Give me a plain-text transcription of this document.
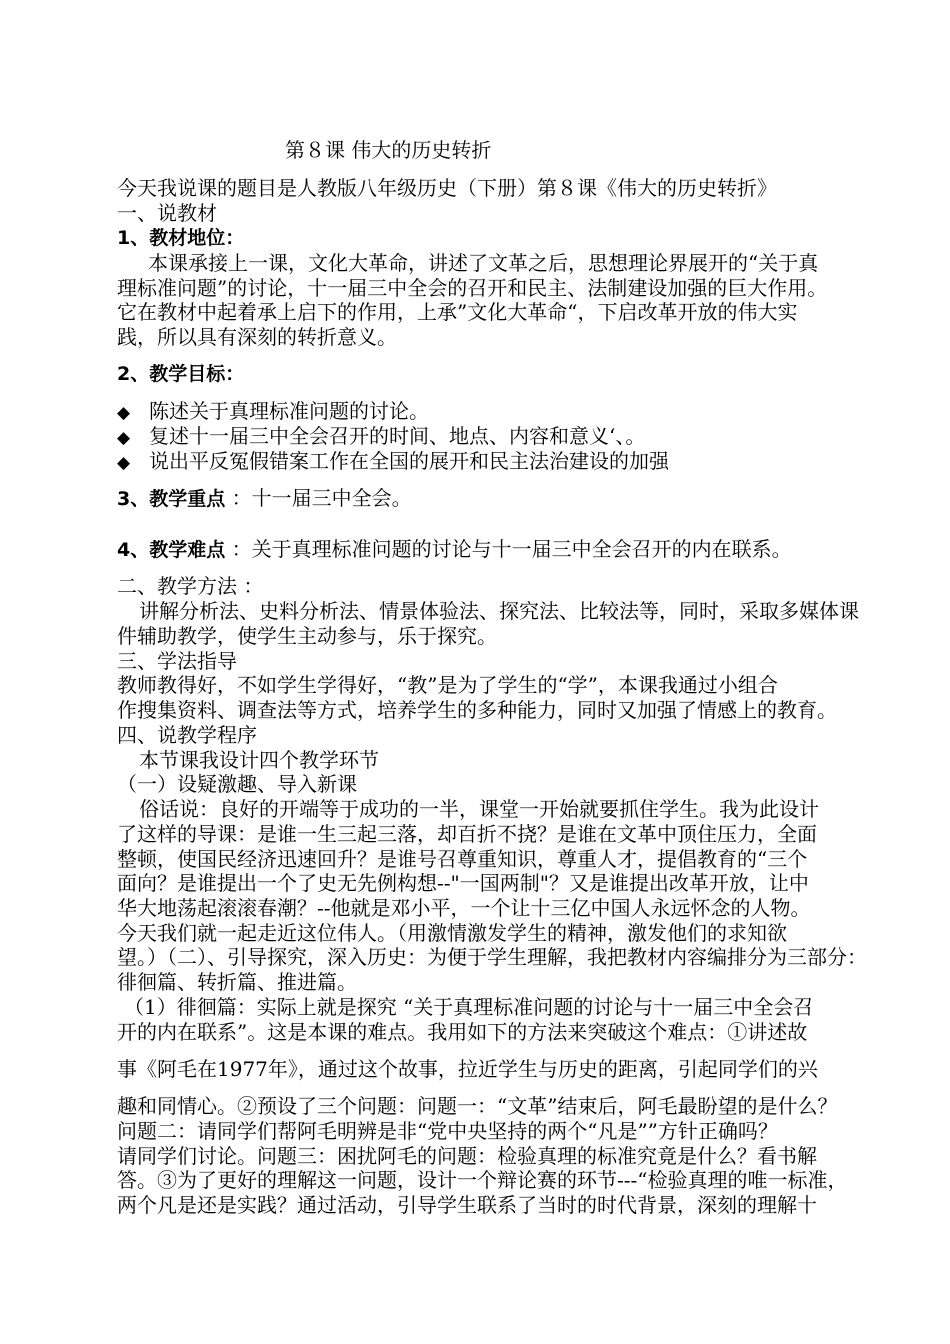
第８课 伟大的历史转折
今天我说课的题目是人教版八年级历史（下册）第８课《伟大的历史转折》
一、说教材
1、教材地位：
本课承接上一课，文化大革命，讲述了文革之后，思想理论界展开的“关于真
理标准问题”的讨论，十一届三中全会的召开和民主、法制建设加强的巨大作用。
它在教材中起着承上启下的作用，上承”文化大革命“，下启改革开放的伟大实
践，所以具有深刻的转折意义。
2、教学目标：
◆ 陈述关于真理标准问题的讨论。
◆ 复述十一届三中全会召开的时间、地点、内容和意义‘、。
◆ 说出平反冤假错案工作在全国的展开和民主法治建设的加强
3、教学重点 ：十一届三中全会。
4、教学难点 ：关于真理标准问题的讨论与十一届三中全会召开的内在联系。
二、教学方法 ：
讲解分析法、史料分析法、情景体验法、探究法、比较法等，同时，采取多媒体课
件辅助教学，使学生主动参与，乐于探究。
三、学法指导
教师教得好，不如学生学得好，“教”是为了学生的“学”，本课我通过小组合
作搜集资料、调查法等方式，培养学生的多种能力，同时又加强了情感上的教育。
四、说教学程序
本节课我设计四个教学环节
（一）设疑激趣、导入新课
俗话说：良好的开端等于成功的一半，课堂一开始就要抓住学生。我为此设计
了这样的导课：是谁一生三起三落，却百折不挠？是谁在文革中顶住压力，全面
整顿，使国民经济迅速回升？是谁号召尊重知识，尊重人才，提倡教育的“三个
面向？是谁提出一个了史无先例构想--"一国两制"？又是谁提出改革开放，让中
华大地荡起滚滚春潮？--他就是邓小平，一个让十三亿中国人永远怀念的人物。
今天我们就一起走近这位伟人。（用激情激发学生的精神，激发他们的求知欲
望。）（二）、引导探究，深入历史：为便于学生理解，我把教材内容编排分为三部分：
徘徊篇、转折篇、推进篇。
（1）徘徊篇：实际上就是探究 “关于真理标准问题的讨论与十一届三中全会召
开的内在联系”。这是本课的难点。我用如下的方法来突破这个难点：①讲述故
事《阿毛在1977年》，通过这个故事，拉近学生与历史的距离，引起同学们的兴
趣和同情心。②预设了三个问题：问题一：“文革”结束后，阿毛最盼望的是什么？
问题二：请同学们帮阿毛明辨是非“党中央坚持的两个“凡是””方针正确吗？
请同学们讨论。问题三：困扰阿毛的问题：检验真理的标准究竟是什么？看书解
答。③为了更好的理解这一问题，设计一个辩论赛的环节---“检验真理的唯一标准，
两个凡是还是实践？通过活动，引导学生联系了当时的时代背景，深刻的理解十
